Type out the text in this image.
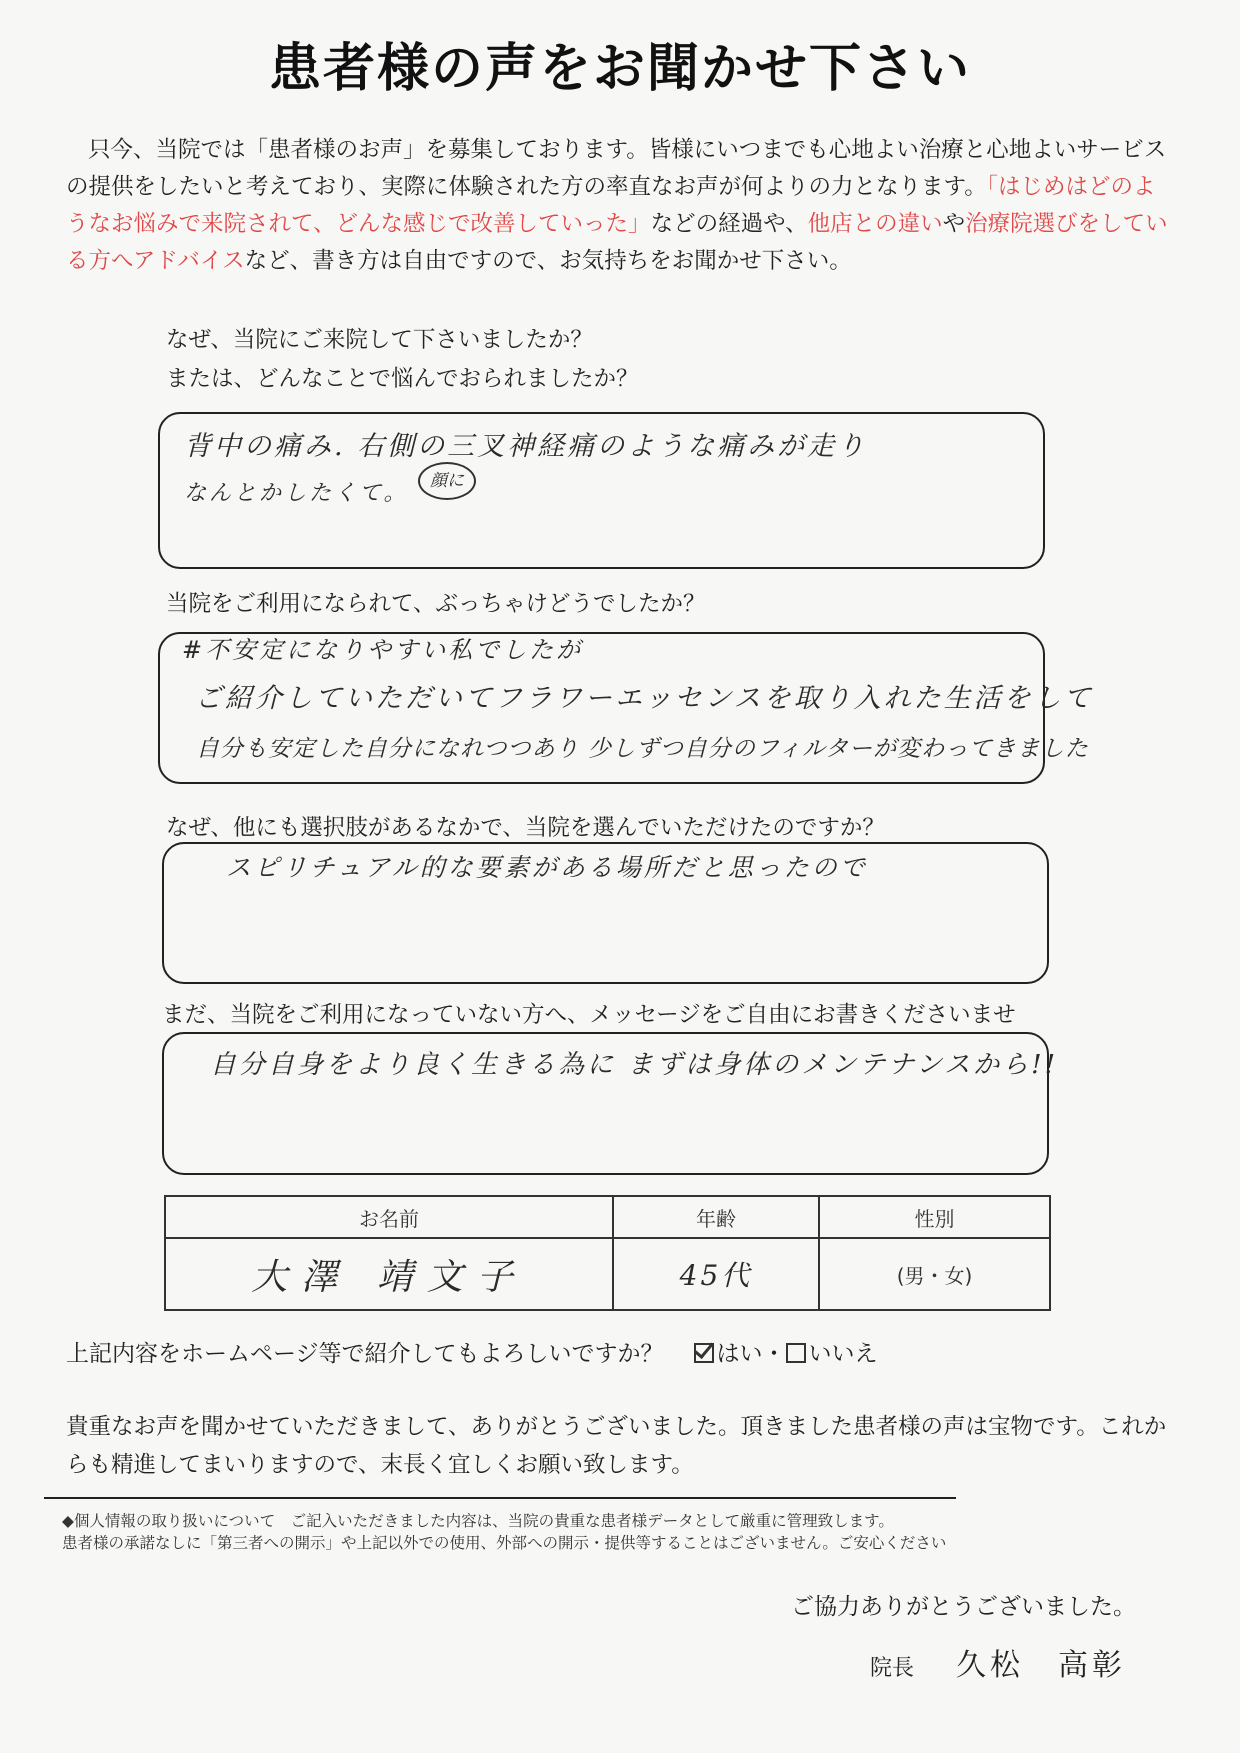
患者様の声をお聞かせ下さい
只今、当院では「患者様のお声」を募集しております。皆様にいつまでも心地よい治療と心地よいサービスの提供をしたいと考えており、実際に体験された方の率直なお声が何よりの力となります。「はじめはどのようなお悩みで来院されて、どんな感じで改善していった」などの経過や、他店との違いや治療院選びをしている方へアドバイスなど、書き方は自由ですので、お気持ちをお聞かせ下さい。
なぜ、当院にご来院して下さいましたか？
または、どんなことで悩んでおられましたか？
背中の痛み. 右側の三叉神経痛のような痛みが走り
なんとかしたくて。	顔に
当院をご利用になられて、ぶっちゃけどうでしたか？
#不安定になりやすい私でしたが
ご紹介していただいてフラワーエッセンスを取り入れた生活をして
自分も安定した自分になれつつあり 少しずつ自分のフィルターが変わってきました
なぜ、他にも選択肢があるなかで、当院を選んでいただけたのですか？
スピリチュアル的な要素がある場所だと思ったので
まだ、当院をご利用になっていない方へ、メッセージをご自由にお書きくださいませ
自分自身をより良く生きる為に まずは身体のメンテナンスから!!
お名前	年齢	性別
大澤 靖文子	45代	(男・女)
上記内容をホームページ等で紹介してもよろしいですか？ はい・ いいえ
貴重なお声を聞かせていただきまして、ありがとうございました。頂きました患者様の声は宝物です。これからも精進してまいりますので、末長く宜しくお願い致します。
◆個人情報の取り扱いについて　ご記入いただきました内容は、当院の貴重な患者様データとして厳重に管理致します。
患者様の承諾なしに「第三者への開示」や上記以外での使用、外部への開示・提供等することはございません。ご安心ください
ご協力ありがとうございました。
院長 久松　高彰
